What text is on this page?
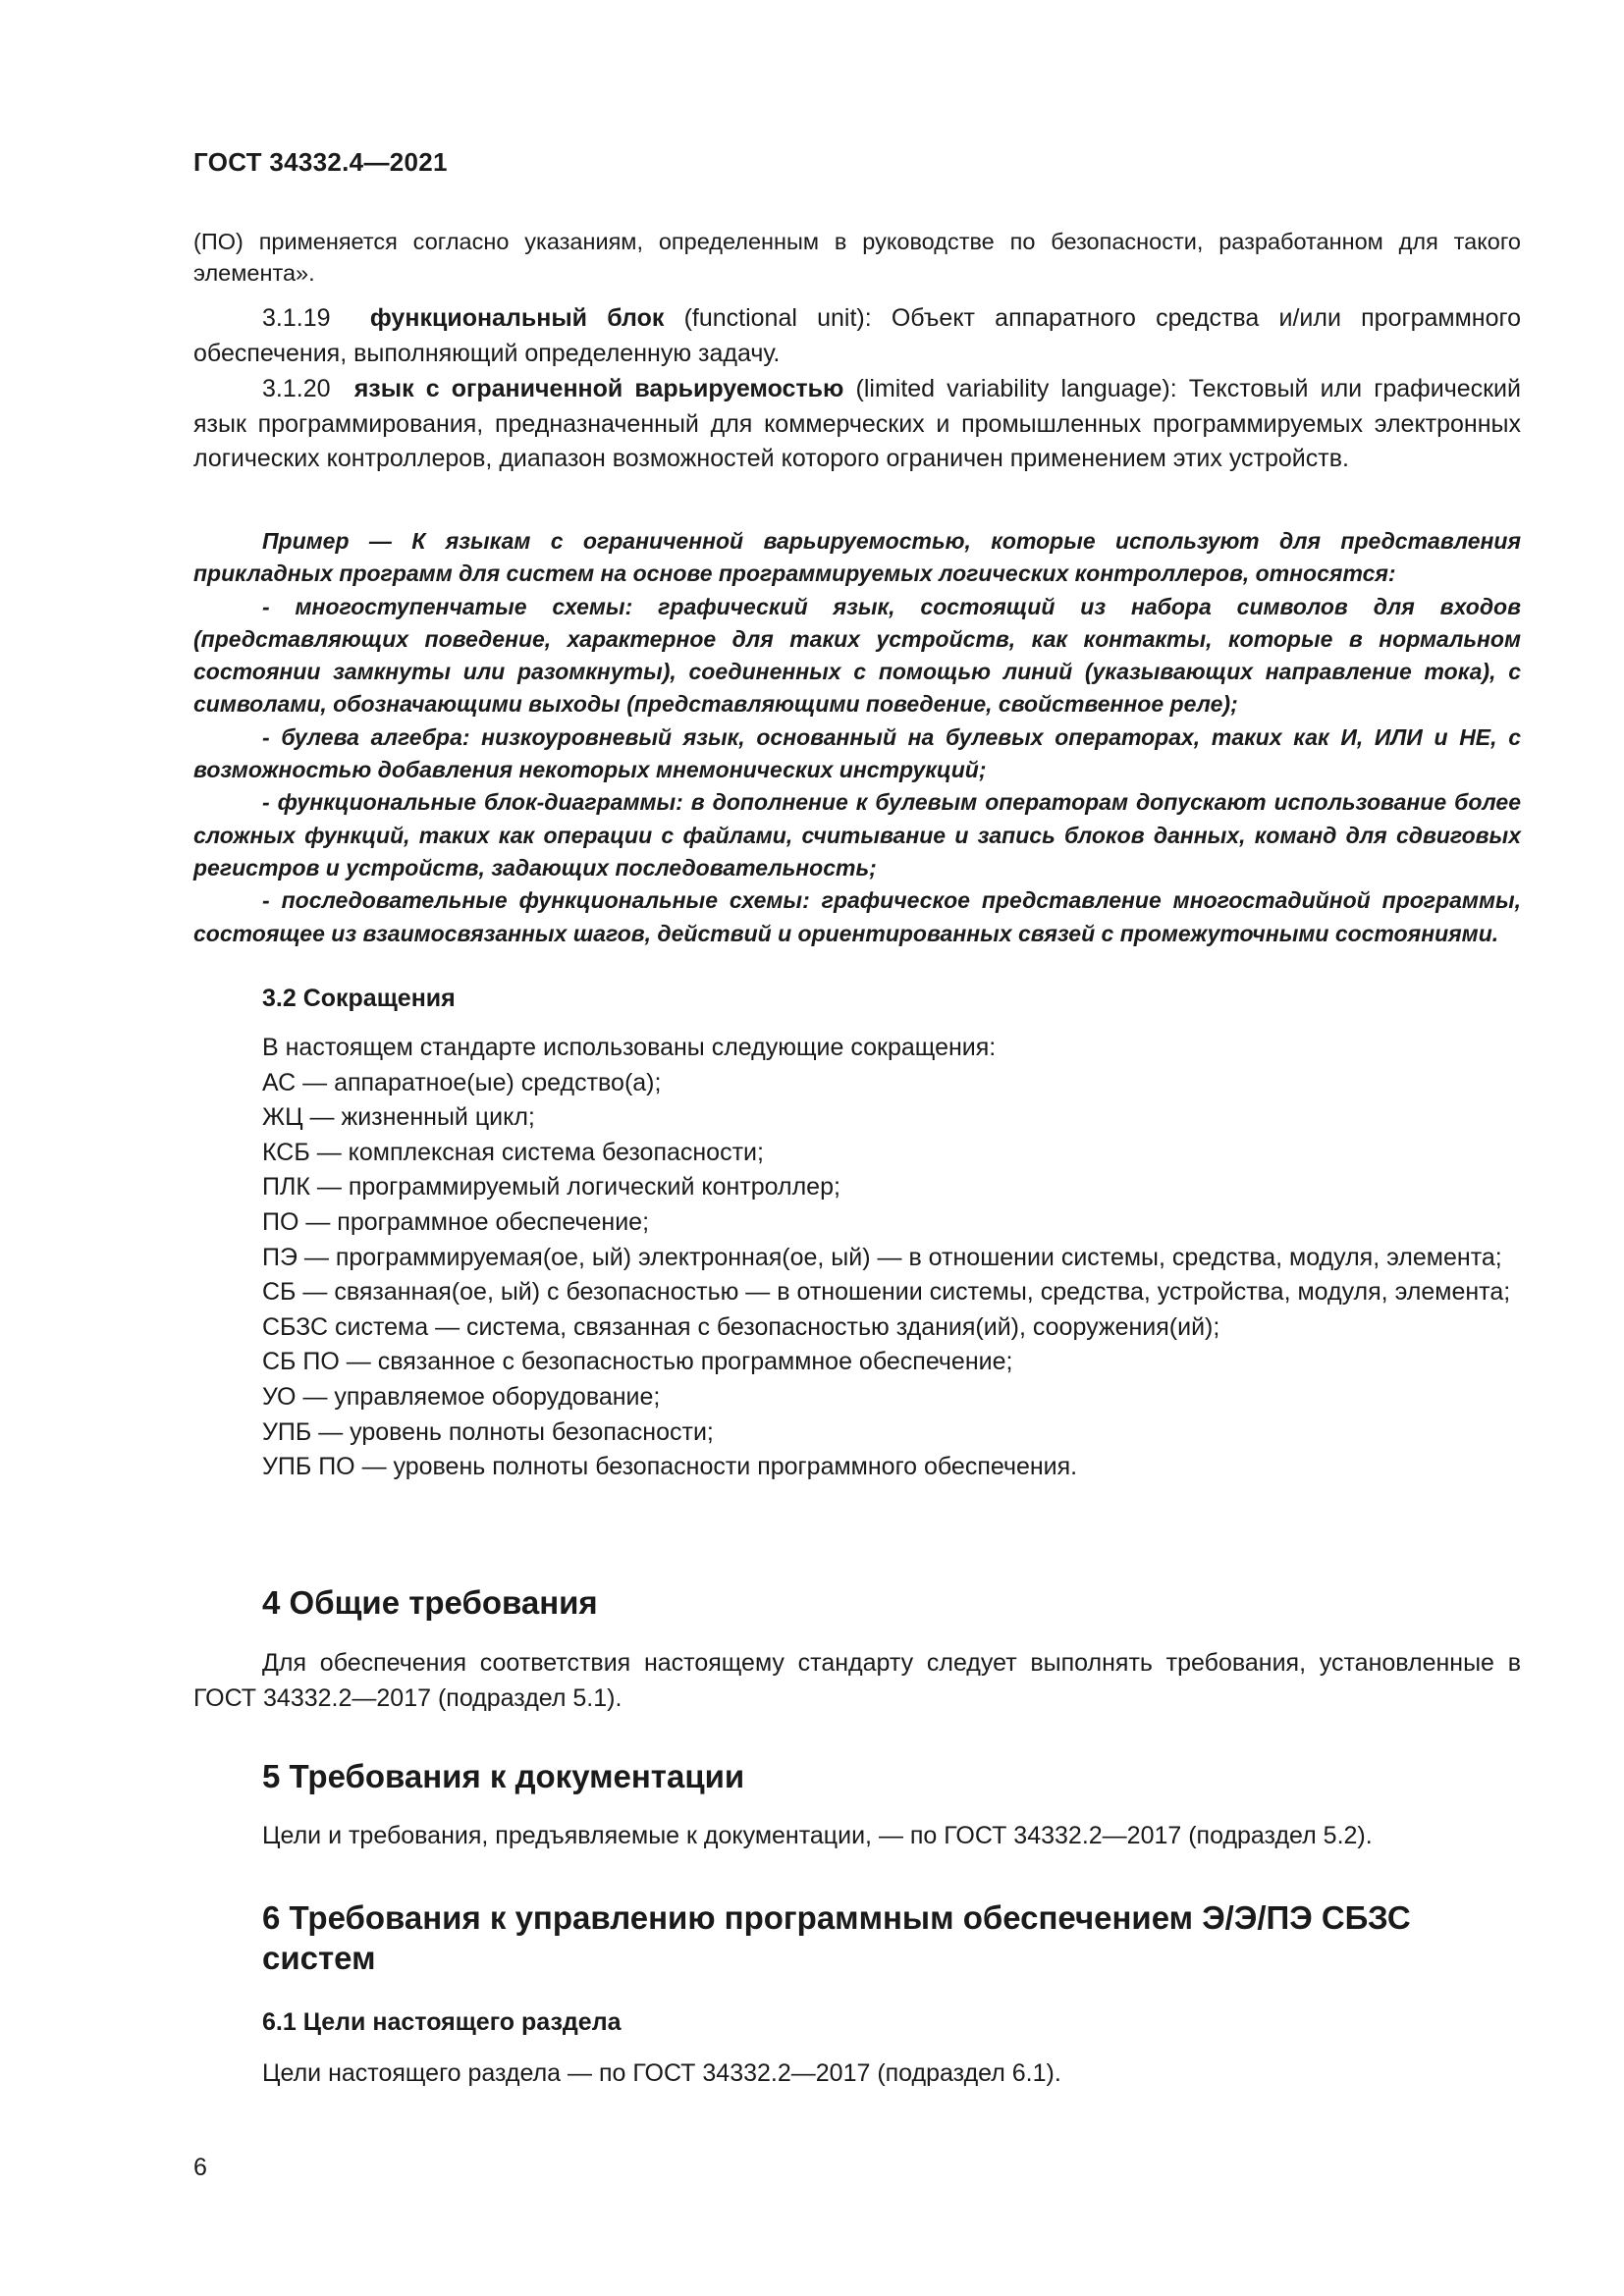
ГОСТ 34332.4—2021

(ПО) применяется согласно указаниям, определенным в руководстве по безопасности, разработанном для такого элемента».

3.1.19 функциональный блок (functional unit): Объект аппаратного средства и/или программного обеспечения, выполняющий определенную задачу.

3.1.20 язык с ограниченной варьируемостью (limited variability language): Текстовый или графический язык программирования, предназначенный для коммерческих и промышленных программируемых электронных логических контроллеров, диапазон возможностей которого ограничен применением этих устройств.

Пример — К языкам с ограниченной варьируемостью, которые используют для представления прикладных программ для систем на основе программируемых логических контроллеров, относятся:

- многоступенчатые схемы: графический язык, состоящий из набора символов для входов (представляющих поведение, характерное для таких устройств, как контакты, которые в нормальном состоянии замкнуты или разомкнуты), соединенных с помощью линий (указывающих направление тока), с символами, обозначающими выходы (представляющими поведение, свойственное реле);

- булева алгебра: низкоуровневый язык, основанный на булевых операторах, таких как И, ИЛИ и НЕ, с возможностью добавления некоторых мнемонических инструкций;

- функциональные блок-диаграммы: в дополнение к булевым операторам допускают использование более сложных функций, таких как операции с файлами, считывание и запись блоков данных, команд для сдвиговых регистров и устройств, задающих последовательность;

- последовательные функциональные схемы: графическое представление многостадийной программы, состоящее из взаимосвязанных шагов, действий и ориентированных связей с промежуточными состояниями.

3.2 Сокращения
В настоящем стандарте использованы следующие сокращения:
АС — аппаратное(ые) средство(а);
ЖЦ — жизненный цикл;
КСБ — комплексная система безопасности;
ПЛК — программируемый логический контроллер;
ПО — программное обеспечение;
ПЭ — программируемая(ое, ый) электронная(ое, ый) — в отношении системы, средства, модуля, элемента;
СБ — связанная(ое, ый) с безопасностью — в отношении системы, средства, устройства, модуля, элемента;
СБЗС система — система, связанная с безопасностью здания(ий), сооружения(ий);
СБ ПО — связанное с безопасностью программное обеспечение;
УО — управляемое оборудование;
УПБ — уровень полноты безопасности;
УПБ ПО — уровень полноты безопасности программного обеспечения.
4 Общие требования

Для обеспечения соответствия настоящему стандарту следует выполнять требования, установленные в ГОСТ 34332.2—2017 (подраздел 5.1).

5 Требования к документации

Цели и требования, предъявляемые к документации, — по ГОСТ 34332.2—2017 (подраздел 5.2).

6 Требования к управлению программным обеспечением Э/Э/ПЭ СБЗС систем
6.1 Цели настоящего раздела

Цели настоящего раздела — по ГОСТ 34332.2—2017 (подраздел 6.1).

6
